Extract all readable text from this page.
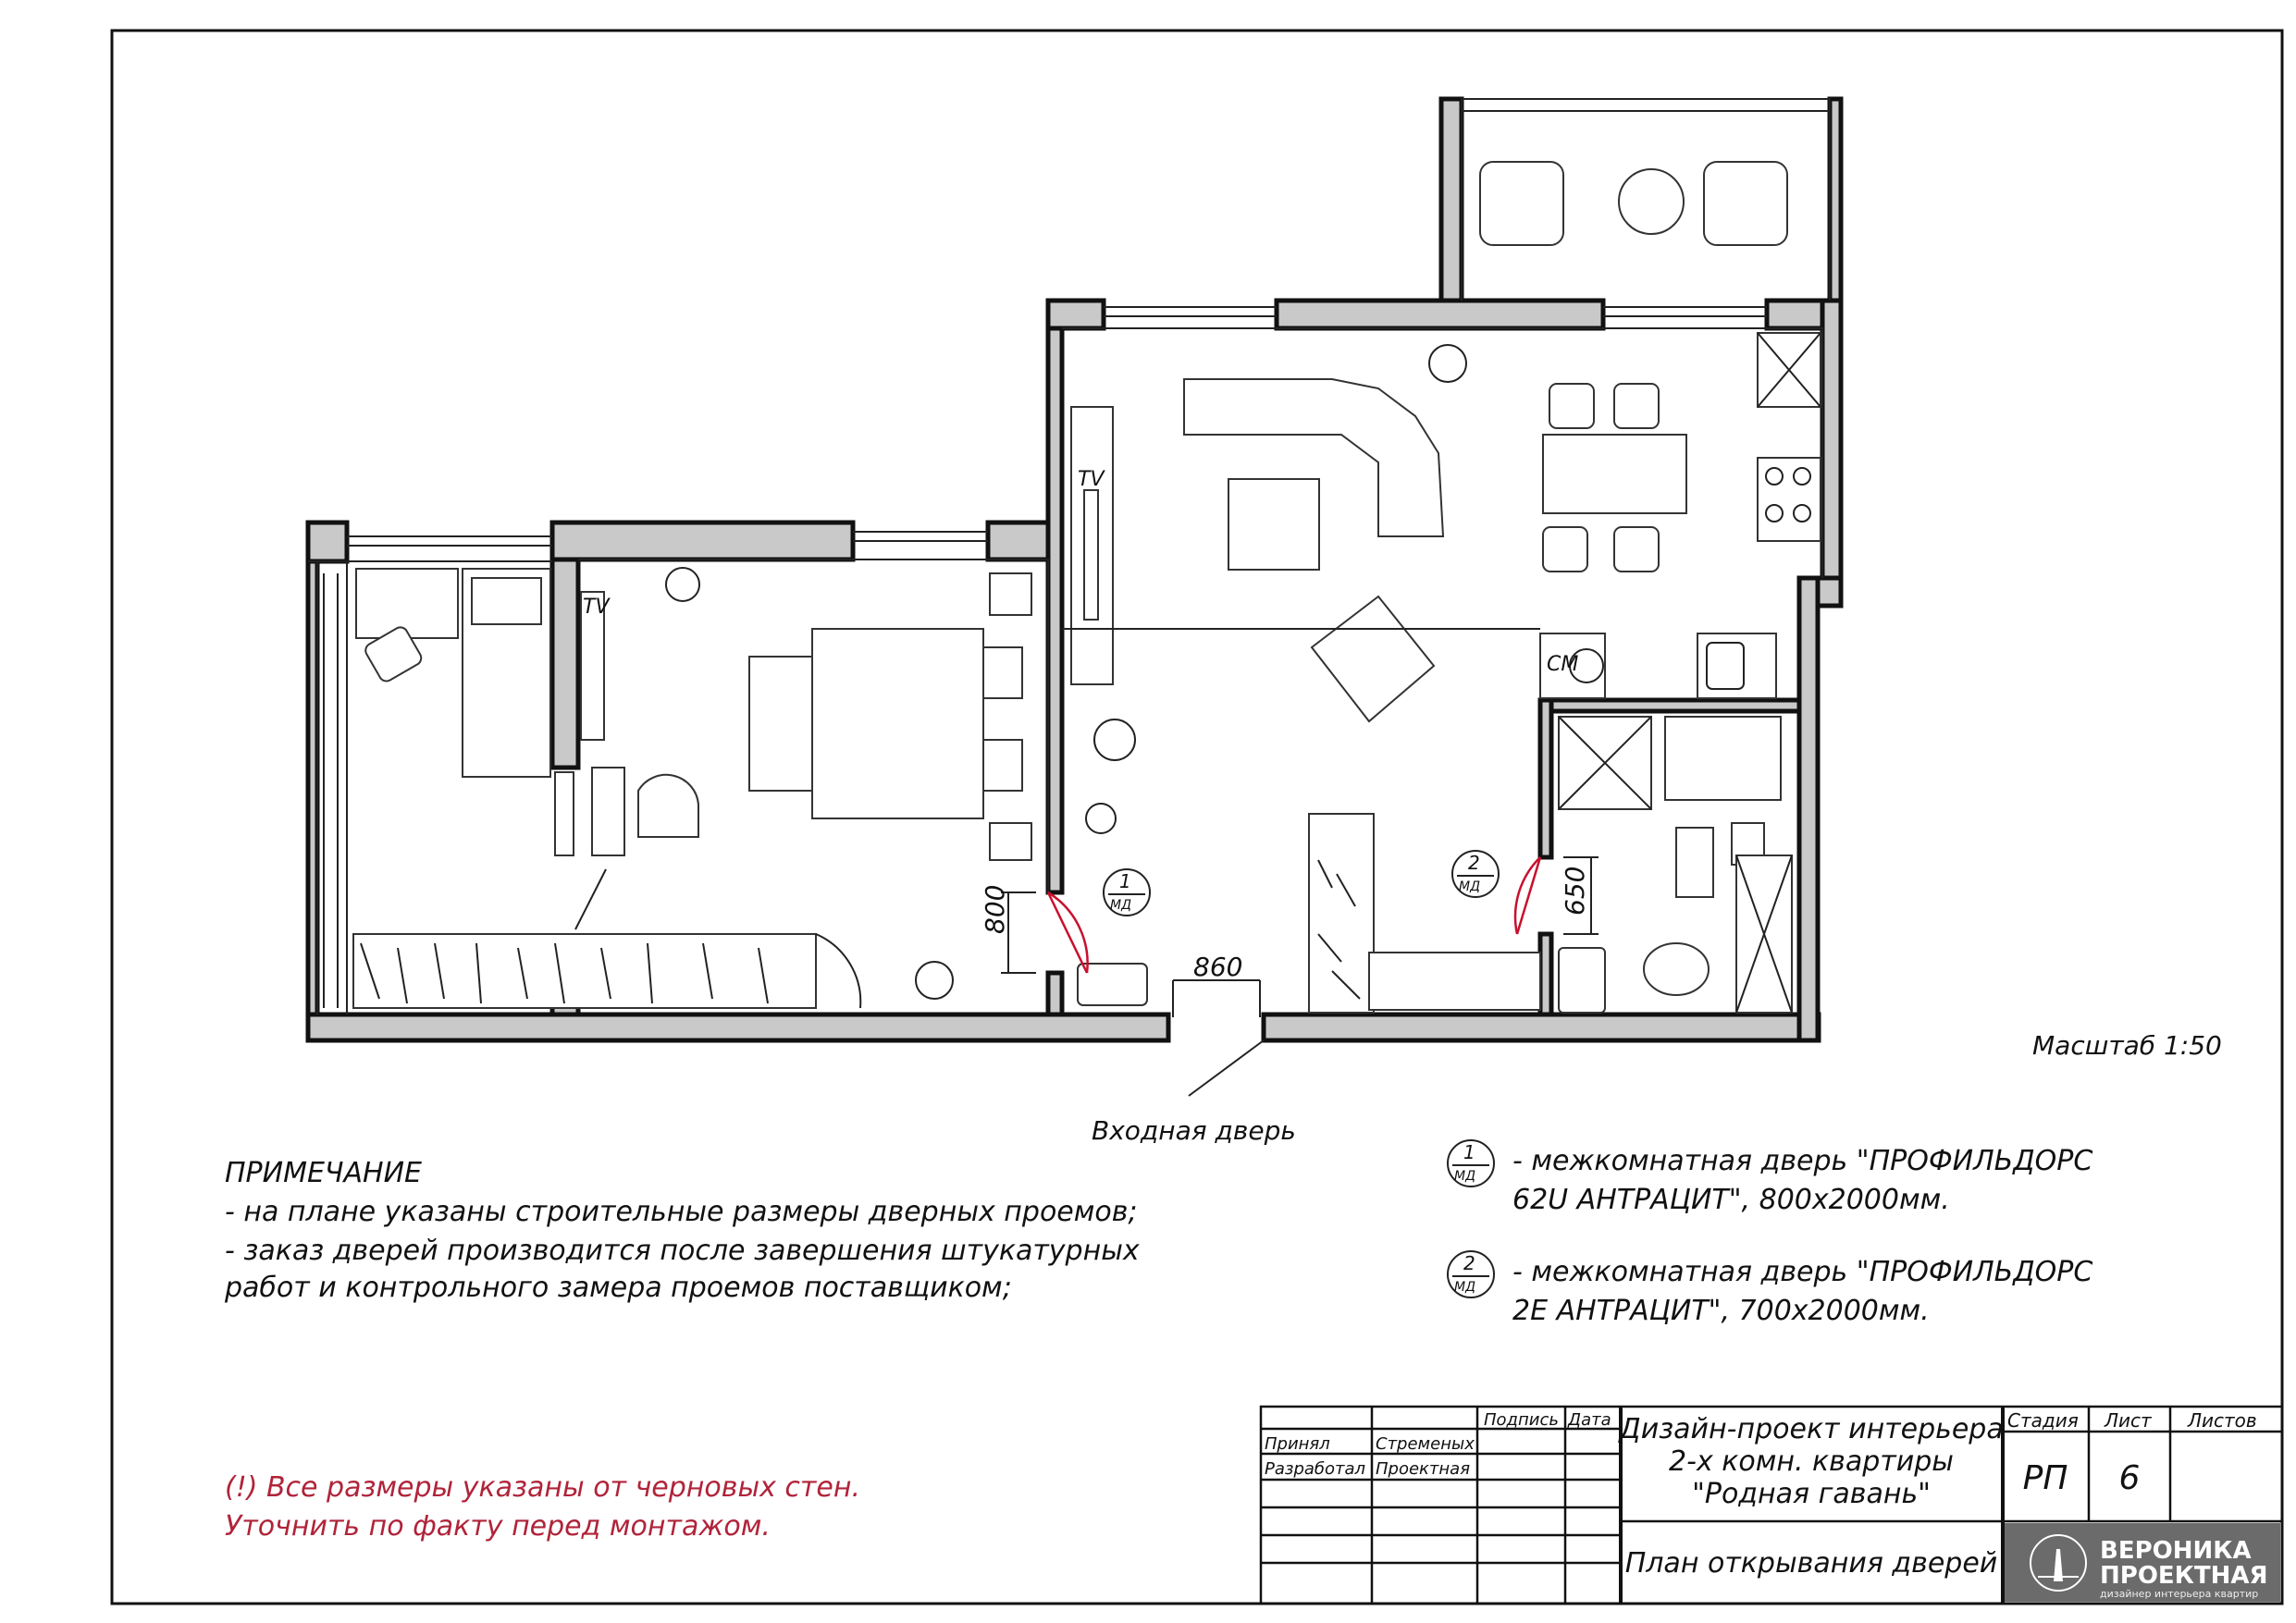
TV
TV
СМ
800
860
650
Входная дверь
Масштаб 1:50
1
МД
2
МД
ПРИМЕЧАНИЕ
- на плане указаны строительные размеры дверных проемов;
- заказ дверей производится после завершения штукатурных
работ и контрольного замера проемов поставщиком;
(!) Все размеры указаны от черновых стен.
Уточнить по факту перед монтажом.
1
МД - межкомнатная дверь "ПРОФИЛЬДОРС
62U АНТРАЦИТ", 800х2000мм.
2
МД - межкомнатная дверь "ПРОФИЛЬДОРС
2Е АНТРАЦИТ", 700х2000мм.
Подпись Дата
Принял	Стременых
Разработал Проектная
Дизайн-проект интерьера
2-х комн. квартиры
"Родная гавань"
Стадия Лист Листов
РП 6
План открывания дверей	ВЕРОНИКА
ПРОЕКТНАЯ
дизайнер интерьера квартир
